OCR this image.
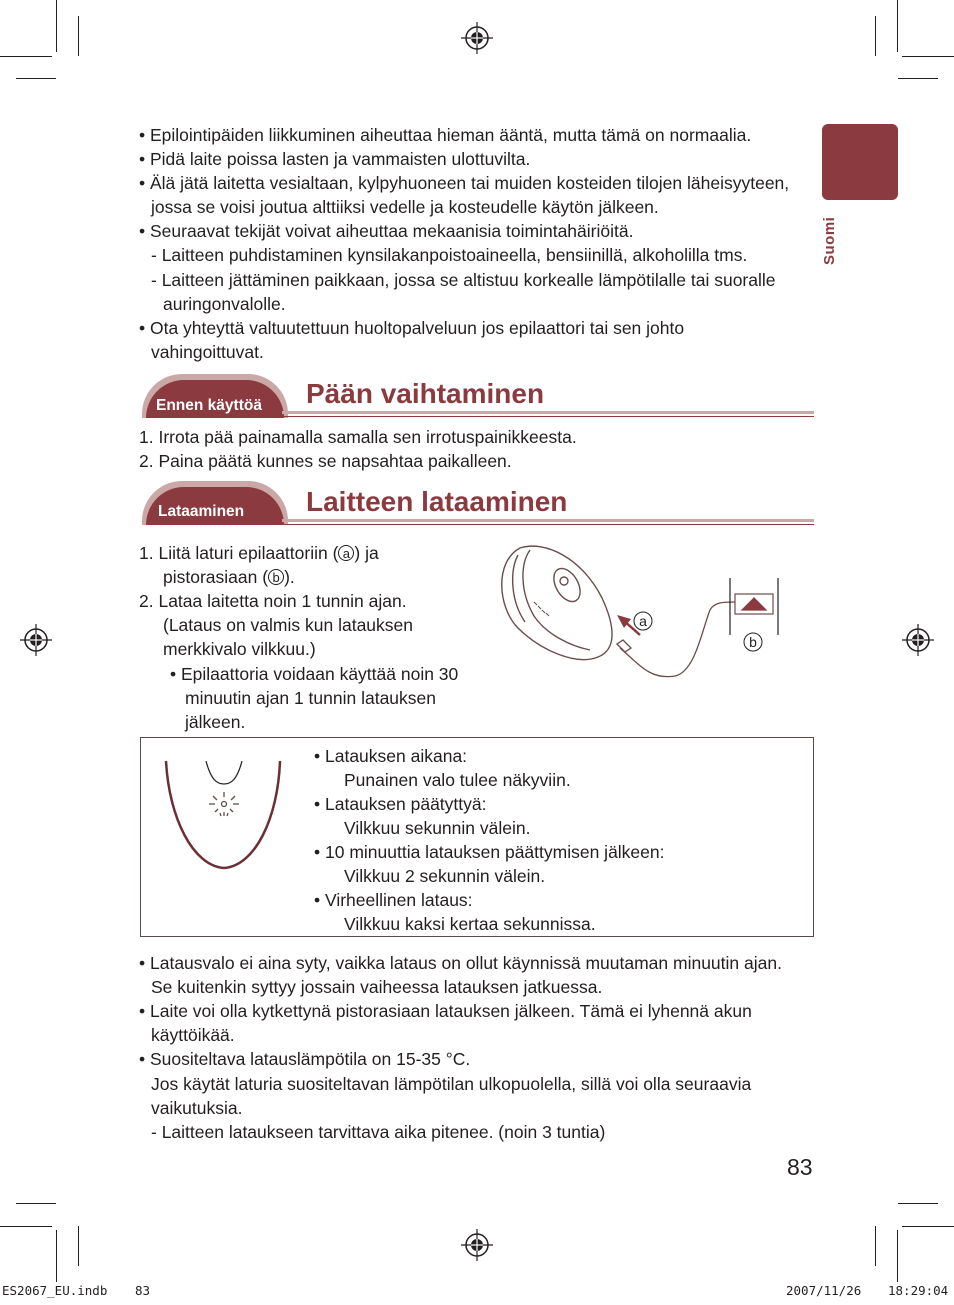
Suomi
• Epilointipäiden liikkuminen aiheuttaa hieman ääntä, mutta tämä on normaalia.
• Pidä laite poissa lasten ja vammaisten ulottuvilta.
• Älä jätä laitetta vesialtaan, kylpyhuoneen tai muiden kosteiden tilojen läheisyyteen,
jossa se voisi joutua alttiiksi vedelle ja kosteudelle käytön jälkeen.
• Seuraavat tekijät voivat aiheuttaa mekaanisia toimintahäiriöitä.
- Laitteen puhdistaminen kynsilakanpoistoaineella, bensiinillä, alkoholilla tms.
- Laitteen jättäminen paikkaan, jossa se altistuu korkealle lämpötilalle tai suoralle
auringonvalolle.
• Ota yhteyttä valtuutettuun huoltopalveluun jos epilaattori tai sen johto
vahingoittuvat.
Ennen käyttöä Pään vaihtaminen
1. Irrota pää painamalla samalla sen irrotuspainikkeesta.
2. Paina päätä kunnes se napsahtaa paikalleen.
Lataaminen Laitteen lataaminen
1. Liitä laturi epilaattoriin ( a ) ja
pistorasiaan ( b ).
2. Lataa laitetta noin 1 tunnin ajan.
(Lataus on valmis kun latauksen
merkkivalo vilkkuu.)
• Epilaattoria voidaan käyttää noin 30
minuutin ajan 1 tunnin latauksen
jälkeen.
a
b
• Latauksen aikana:
Punainen valo tulee näkyviin.
• Latauksen päätyttyä:
Vilkkuu sekunnin välein.
• 10 minuuttia latauksen päättymisen jälkeen:
Vilkkuu 2 sekunnin välein.
• Virheellinen lataus:
Vilkkuu kaksi kertaa sekunnissa.
• Latausvalo ei aina syty, vaikka lataus on ollut käynnissä muutaman minuutin ajan.
Se kuitenkin syttyy jossain vaiheessa latauksen jatkuessa.
• Laite voi olla kytkettynä pistorasiaan latauksen jälkeen. Tämä ei lyhennä akun
käyttöikää.
• Suositeltava latauslämpötila on 15-35 °C.
Jos käytät laturia suositeltavan lämpötilan ulkopuolella, sillä voi olla seuraavia
vaikutuksia.
- Laitteen lataukseen tarvittava aika pitenee. (noin 3 tuntia)
83
ES2067_EU.indb 83	2007/11/26 18:29:04
